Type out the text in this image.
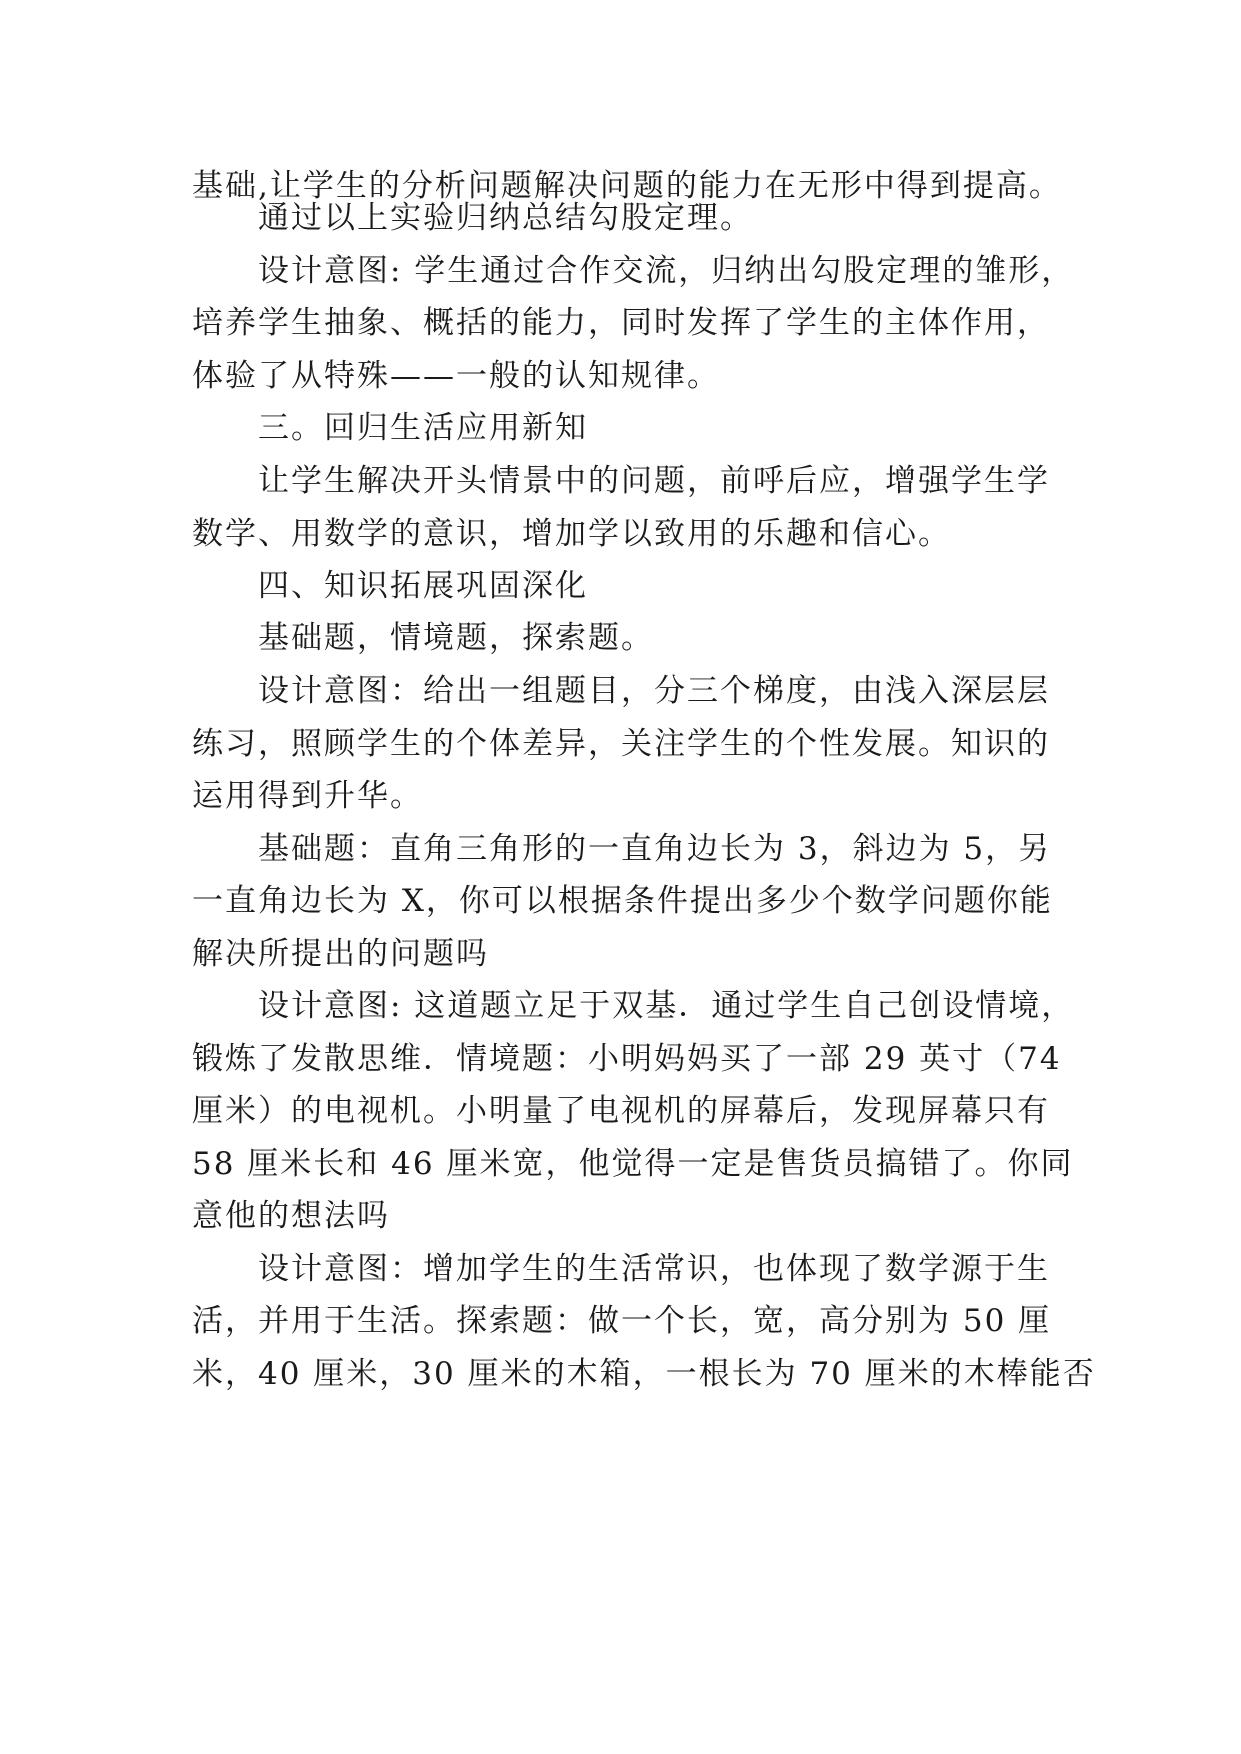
基础,让学生的分析问题解决问题的能力在无形中得到提高。
通过以上实验归纳总结勾股定理。
设计意图: 学生通过合作交流，归纳出勾股定理的雏形，
培养学生抽象、概括的能力，同时发挥了学生的主体作用，
体验了从特殊——一般的认知规律。
三。回归生活应用新知
让学生解决开头情景中的问题，前呼后应，增强学生学
数学、用数学的意识，增加学以致用的乐趣和信心。
四、知识拓展巩固深化
基础题，情境题，探索题。
设计意图：给出一组题目，分三个梯度，由浅入深层层
练习，照顾学生的个体差异，关注学生的个性发展。知识的
运用得到升华。
基础题：直角三角形的一直角边长为 3，斜边为 5，另
一直角边长为 X，你可以根据条件提出多少个数学问题你能
解决所提出的问题吗
设计意图: 这道题立足于双基．通过学生自己创设情境，
锻炼了发散思维．情境题：小明妈妈买了一部 29 英寸（74
厘米）的电视机。小明量了电视机的屏幕后，发现屏幕只有
58 厘米长和 46 厘米宽，他觉得一定是售货员搞错了。你同
意他的想法吗
设计意图：增加学生的生活常识，也体现了数学源于生
活，并用于生活。探索题：做一个长，宽，高分别为 50 厘
米，40 厘米，30 厘米的木箱，一根长为 70 厘米的木棒能否
